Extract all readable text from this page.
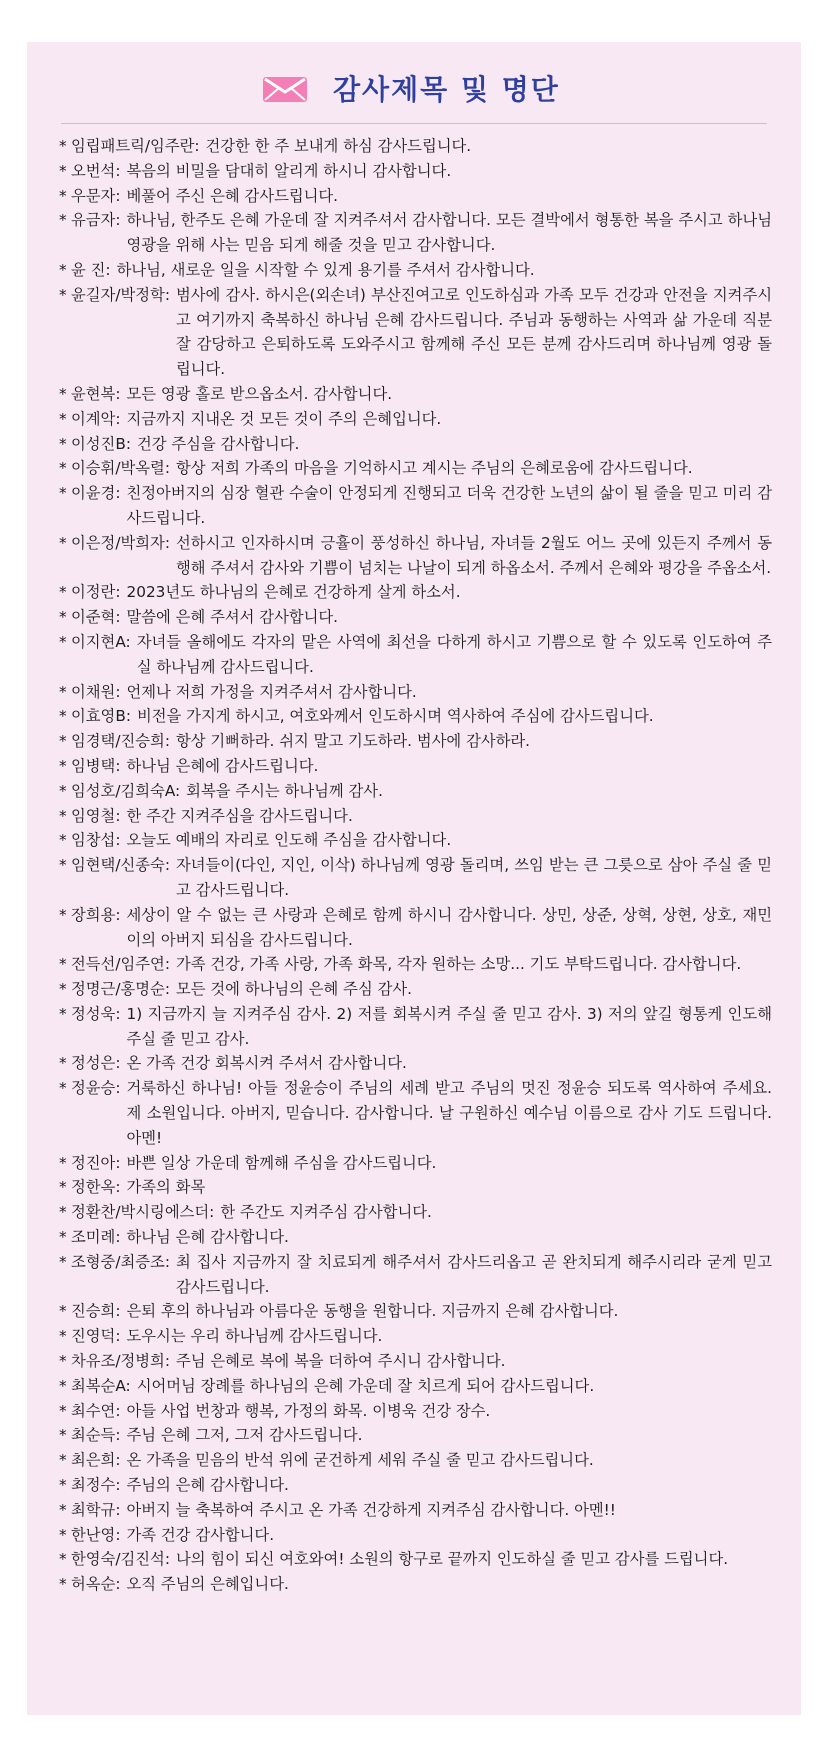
감사제목 및 명단
* 임립패트릭/임주란: 건강한 한 주 보내게 하심 감사드립니다.
* 오번석: 복음의 비밀을 담대히 알리게 하시니 감사합니다.
* 우문자: 베풀어 주신 은혜 감사드립니다.
* 유금자: 하나님, 한주도 은혜 가운데 잘 지켜주셔서 감사합니다. 모든 결박에서 형통한 복을 주시고 하나님 영광을 위해 사는 믿음 되게 해줄 것을 믿고 감사합니다.
* 윤 진: 하나님, 새로운 일을 시작할 수 있게 용기를 주셔서 감사합니다.
* 윤길자/박정학: 범사에 감사. 하시은(외손녀) 부산진여고로 인도하심과 가족 모두 건강과 안전을 지켜주시고 여기까지 축복하신 하나님 은혜 감사드립니다. 주님과 동행하는 사역과 삶 가운데 직분 잘 감당하고 은퇴하도록 도와주시고 함께해 주신 모든 분께 감사드리며 하나님께 영광 돌립니다.
* 윤현복: 모든 영광 홀로 받으옵소서. 감사합니다.
* 이계악: 지금까지 지내온 것 모든 것이 주의 은혜입니다.
* 이성진B: 건강 주심을 감사합니다.
* 이승휘/박옥렬: 항상 저희 가족의 마음을 기억하시고 계시는 주님의 은혜로움에 감사드립니다.
* 이윤경: 친정아버지의 심장 혈관 수술이 안정되게 진행되고 더욱 건강한 노년의 삶이 될 줄을 믿고 미리 감사드립니다.
* 이은정/박희자: 선하시고 인자하시며 긍휼이 풍성하신 하나님, 자녀들 2월도 어느 곳에 있든지 주께서 동행해 주셔서 감사와 기쁨이 넘치는 나날이 되게 하옵소서. 주께서 은혜와 평강을 주옵소서.
* 이정란: 2023년도 하나님의 은혜로 건강하게 살게 하소서.
* 이준혁: 말씀에 은혜 주셔서 감사합니다.
* 이지현A: 자녀들 올해에도 각자의 맡은 사역에 최선을 다하게 하시고 기쁨으로 할 수 있도록 인도하여 주실 하나님께 감사드립니다.
* 이채원: 언제나 저희 가정을 지켜주셔서 감사합니다.
* 이효영B: 비전을 가지게 하시고, 여호와께서 인도하시며 역사하여 주심에 감사드립니다.
* 임경택/진승희: 항상 기뻐하라. 쉬지 말고 기도하라. 범사에 감사하라.
* 임병택: 하나님 은혜에 감사드립니다.
* 임성호/김희숙A: 회복을 주시는 하나님께 감사.
* 임영철: 한 주간 지켜주심을 감사드립니다.
* 임창섭: 오늘도 예배의 자리로 인도해 주심을 감사합니다.
* 임현택/신종숙: 자녀들이(다인, 지인, 이삭) 하나님께 영광 돌리며, 쓰임 받는 큰 그릇으로 삼아 주실 줄 믿고 감사드립니다.
* 장희용: 세상이 알 수 없는 큰 사랑과 은혜로 함께 하시니 감사합니다. 상민, 상준, 상혁, 상현, 상호, 재민이의 아버지 되심을 감사드립니다.
* 전득선/임주연: 가족 건강, 가족 사랑, 가족 화목, 각자 원하는 소망... 기도 부탁드립니다. 감사합니다.
* 정명근/홍명순: 모든 것에 하나님의 은혜 주심 감사.
* 정성욱: 1) 지금까지 늘 지켜주심 감사. 2) 저를 회복시켜 주실 줄 믿고 감사. 3) 저의 앞길 형통케 인도해 주실 줄 믿고 감사.
* 정성은: 온 가족 건강 회복시켜 주셔서 감사합니다.
* 정윤승: 거룩하신 하나님! 아들 정윤승이 주님의 세례 받고 주님의 멋진 정윤승 되도록 역사하여 주세요. 제 소원입니다. 아버지, 믿습니다. 감사합니다. 날 구원하신 예수님 이름으로 감사 기도 드립니다. 아멘!
* 정진아: 바쁜 일상 가운데 함께해 주심을 감사드립니다.
* 정한옥: 가족의 화목
* 정환찬/박시링에스더: 한 주간도 지켜주심 감사합니다.
* 조미례: 하나님 은혜 감사합니다.
* 조형중/최증조: 최 집사 지금까지 잘 치료되게 해주셔서 감사드리옵고 곧 완치되게 해주시리라 굳게 믿고 감사드립니다.
* 진승희: 은퇴 후의 하나님과 아름다운 동행을 원합니다. 지금까지 은혜 감사합니다.
* 진영덕: 도우시는 우리 하나님께 감사드립니다.
* 차유조/정병희: 주님 은혜로 복에 복을 더하여 주시니 감사합니다.
* 최복순A: 시어머님 장례를 하나님의 은혜 가운데 잘 치르게 되어 감사드립니다.
* 최수연: 아들 사업 번창과 행복, 가정의 화목. 이병욱 건강 장수.
* 최순득: 주님 은혜 그저, 그저 감사드립니다.
* 최은희: 온 가족을 믿음의 반석 위에 굳건하게 세워 주실 줄 믿고 감사드립니다.
* 최정수: 주님의 은혜 감사합니다.
* 최학규: 아버지 늘 축복하여 주시고 온 가족 건강하게 지켜주심 감사합니다. 아멘!!
* 한난영: 가족 건강 감사합니다.
* 한영숙/김진석: 나의 힘이 되신 여호와여! 소원의 항구로 끝까지 인도하실 줄 믿고 감사를 드립니다.
* 허옥순: 오직 주님의 은혜입니다.
